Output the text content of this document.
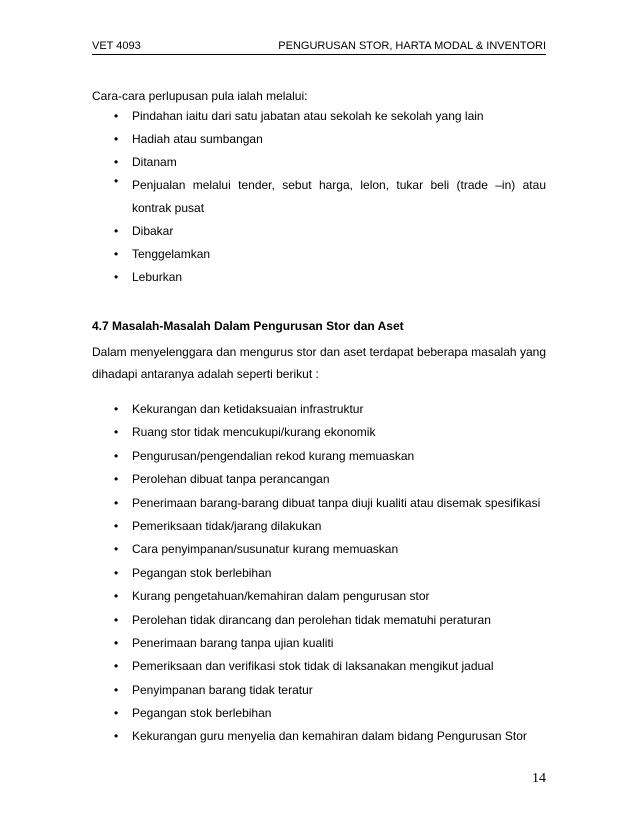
VET 4093	PENGURUSAN STOR, HARTA MODAL & INVENTORI

Cara-cara perlupusan pula ialah melalui:

• Pindahan iaitu dari satu jabatan atau sekolah ke sekolah yang lain
• Hadiah atau sumbangan
• Ditanam
• Penjualan melalui tender, sebut harga, lelon, tukar beli (trade –in) atau kontrak pusat
• Dibakar
• Tenggelamkan
• Leburkan
4.7 Masalah-Masalah Dalam Pengurusan Stor dan Aset

Dalam menyelenggara dan mengurus stor dan aset terdapat beberapa masalah yang dihadapi antaranya adalah seperti berikut :

• Kekurangan dan ketidaksuaian infrastruktur
• Ruang stor tidak mencukupi/kurang ekonomik
• Pengurusan/pengendalian rekod kurang memuaskan
• Perolehan dibuat tanpa perancangan
• Penerimaan barang-barang dibuat tanpa diuji kualiti atau disemak spesifikasi
• Pemeriksaan tidak/jarang dilakukan
• Cara penyimpanan/susunatur kurang memuaskan
• Pegangan stok berlebihan
• Kurang pengetahuan/kemahiran dalam pengurusan stor
• Perolehan tidak dirancang dan perolehan tidak mematuhi peraturan
• Penerimaan barang tanpa ujian kualiti
• Pemeriksaan dan verifikasi stok tidak di laksanakan mengikut jadual
• Penyimpanan barang tidak teratur
• Pegangan stok berlebihan
• Kekurangan guru menyelia dan kemahiran dalam bidang Pengurusan Stor
14
